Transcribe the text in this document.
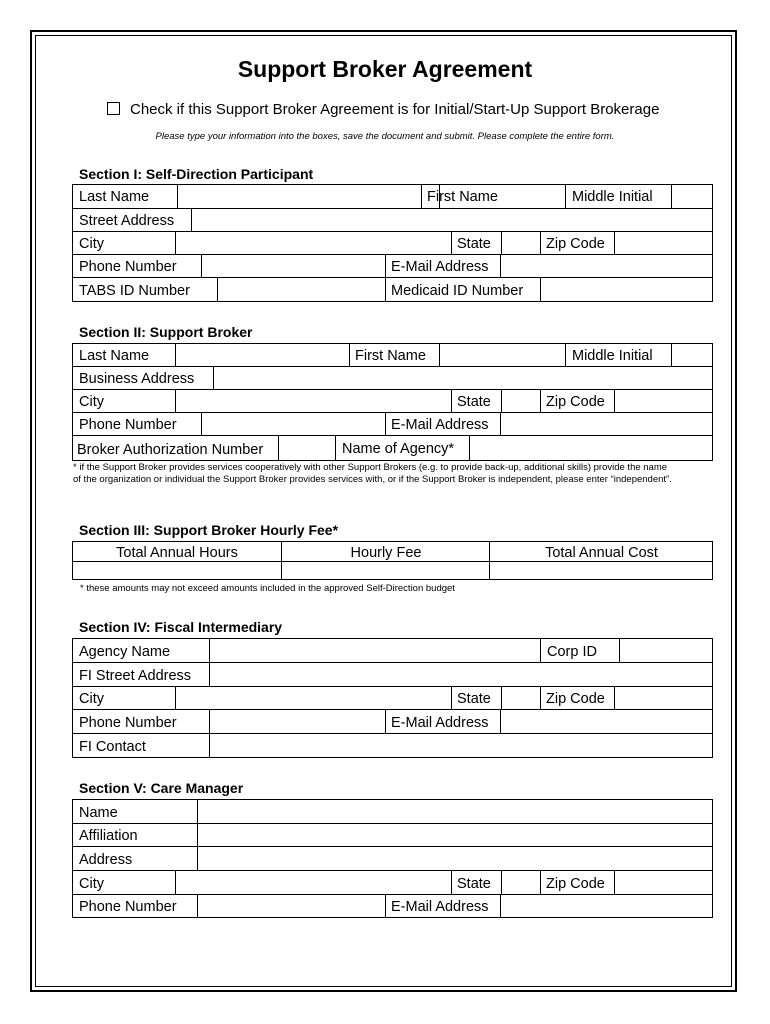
Support Broker Agreement
Check if this Support Broker Agreement is for Initial/Start-Up Support Brokerage
Please type your information into the boxes, save the document and submit. Please complete the entire form.
Section I: Self-Direction Participant
Last Name	First Name	Middle Initial
Street Address
City	State	Zip Code
Phone Number	E-Mail Address
TABS ID Number	Medicaid ID Number
Section II: Support Broker
Last Name	First Name	Middle Initial
Business Address
City	State	Zip Code
Phone Number	E-Mail Address
Broker Authorization Number	Name of Agency*
* if the Support Broker provides services cooperatively with other Support Brokers (e.g. to provide back-up, additional skills) provide the name
of the organization or individual the Support Broker provides services with, or if the Support Broker is independent, please enter “independent”.
Section III: Support Broker Hourly Fee*
Total Annual Hours	Hourly Fee	Total Annual Cost
* these amounts may not exceed amounts included in the approved Self-Direction budget
Section IV: Fiscal Intermediary
Agency Name	Corp ID
FI Street Address
City	State	Zip Code
Phone Number	E-Mail Address
FI Contact
Section V: Care Manager
Name
Affiliation
Address
City	State	Zip Code
Phone Number	E-Mail Address
